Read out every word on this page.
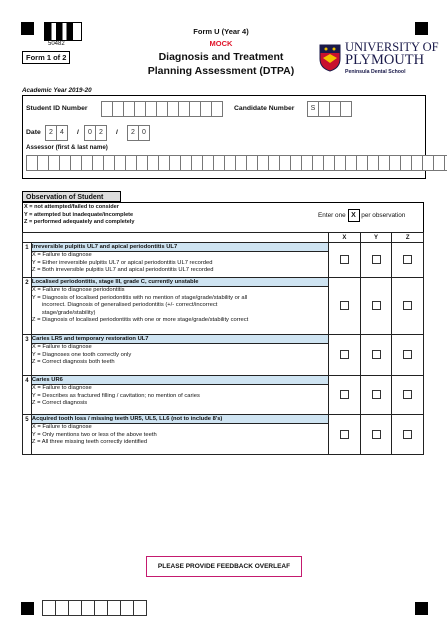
50482
Form 1 of 2
Form U (Year 4)
MOCK
Diagnosis and Treatment
Planning Assessment (DTPA)
UNIVERSITY OF
PLYMOUTH
Peninsula Dental School
Academic Year 2019-20
Student ID Number	Candidate Number	S
Date	2	4	/	0	2	/	2	0
Assessor (first & last name)
Observation of Student
X = not attempted/failed to consider
Y = attempted but inadequate/incomplete
Z = performed adequately and completely
Enter one X per observation
		X	Y	Z
1	Irreversible pulpitis UL7 and apical periodontitis UL7			

	X = Failure to diagnose
Y = Either irreversible pulpitis UL7 or apical periodontitis UL7 recorded
Z = Both irreversible pulpitis UL7 and apical periodontitis UL7 recorded			

2	Localised periodontitis, stage III, grade C, currently unstable			

	X = Failure to diagnose periodontitis
Y = Diagnosis of localised periodontitis with no mention of stage/grade/stability or all
incorrect. Diagnosis of generalised periodontitis (+/- correct/incorrect
stage/grade/stability)
Z = Diagnosis of localised periodontitis with one or more stage/grade/stability correct			

3	Caries LR5 and temporary restoration UL7			

	X = Failure to diagnose
Y = Diagnoses one tooth correctly only
Z = Correct diagnosis both teeth			

4	Caries UR6			

	X = Failure to diagnose
Y = Describes as fractured filling / cavitation; no mention of caries
Z = Correct diagnosis			

5	Acquired tooth loss / missing teeth UR5, UL5, LL6 (not to include 8's)			

	X = Failure to diagnose
Y = Only mentions two or less of the above teeth
Z = All three missing teeth correctly identified			
PLEASE PROVIDE FEEDBACK OVERLEAF
